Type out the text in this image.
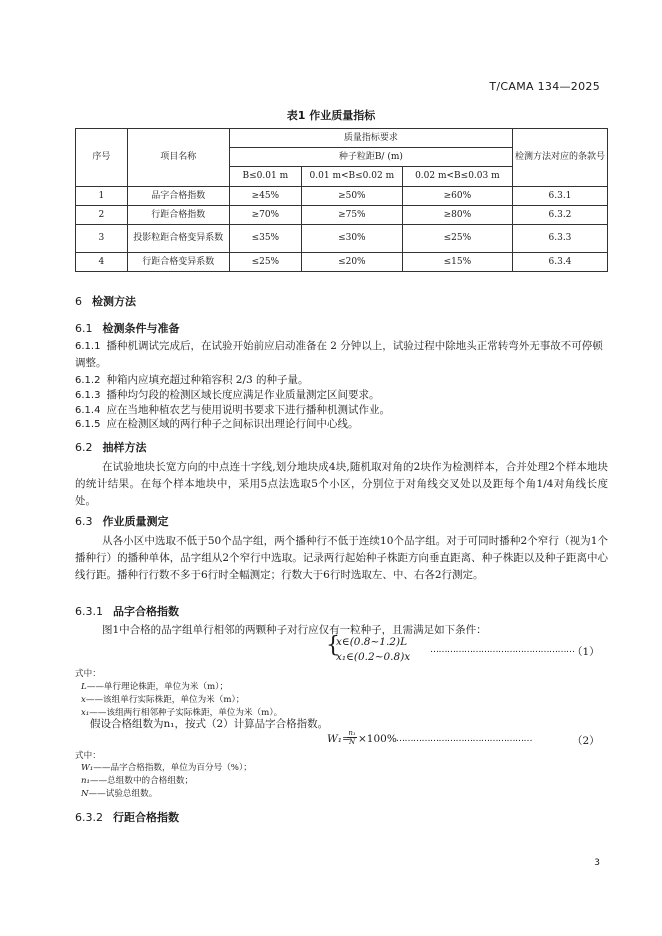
T/CAMA 134—2025
表1 作业质量指标
序号	项目名称	质量指标要求			检测方法对应的条款号
		种子粒距B/ (m)			
		B≤0.01 m	0.01 m<B≤0.02 m	0.02 m<B≤0.03 m	
1	品字合格指数	≥45%	≥50%	≥60%	6.3.1
2	行距合格指数	≥70%	≥75%	≥80%	6.3.2
3	投影粒距合格变异系数	≤35%	≤30%	≤25%	6.3.3
4	行距合格变异系数	≤25%	≤20%	≤15%	6.3.4
6 检测方法
6.1 检测条件与准备
6.1.1 播种机调试完成后，在试验开始前应启动准备在 2 分钟以上，试验过程中除地头正常转弯外无事故不可停顿调整。
6.1.2 种箱内应填充超过种箱容积 2/3 的种子量。
6.1.3 播种均匀段的检测区域长度应满足作业质量测定区间要求。
6.1.4 应在当地种植农艺与使用说明书要求下进行播种机测试作业。
6.1.5 应在检测区域的两行种子之间标识出理论行间中心线。
6.2 抽样方法
在试验地块长宽方向的中点连十字线,划分地块成4块,随机取对角的2块作为检测样本，合并处理2个样本地块的统计结果。在每个样本地块中，采用5点法选取5个小区，分别位于对角线交叉处以及距每个角1/4对角线长度处。
6.3 作业质量测定
从各小区中选取不低于50个品字组，两个播种行不低于连续10个品字组。对于可同时播种2个窄行（视为1个播种行）的播种单体，品字组从2个窄行中选取。记录两行起始种子株距方向垂直距离、种子株距以及种子距离中心线行距。播种行行数不多于6行时全幅测定；行数大于6行时选取左、中、右各2行测定。
6.3.1 品字合格指数
图1中合格的品字组单行相邻的两颗种子对行应仅有一粒种子，且需满足如下条件：
{
x∈(0.8~1.2)L
x₁∈(0.2~0.8)x
……………………………………………
（1）
式中：
L——单行理论株距，单位为米（m）；
x——该组单行实际株距，单位为米（m）；
x₁——该组两行相邻种子实际株距，单位为米（m）。
假设合格组数为n₁，按式（2）计算品字合格指数。
W₁=
$\frac{\text{n₁}}{N} \times 100\%$ …………………………………………	（2）
式中：
W₁——品字合格指数，单位为百分号（%）；
n₁——总组数中的合格组数；
N——试验总组数。
6.3.2 行距合格指数
3
